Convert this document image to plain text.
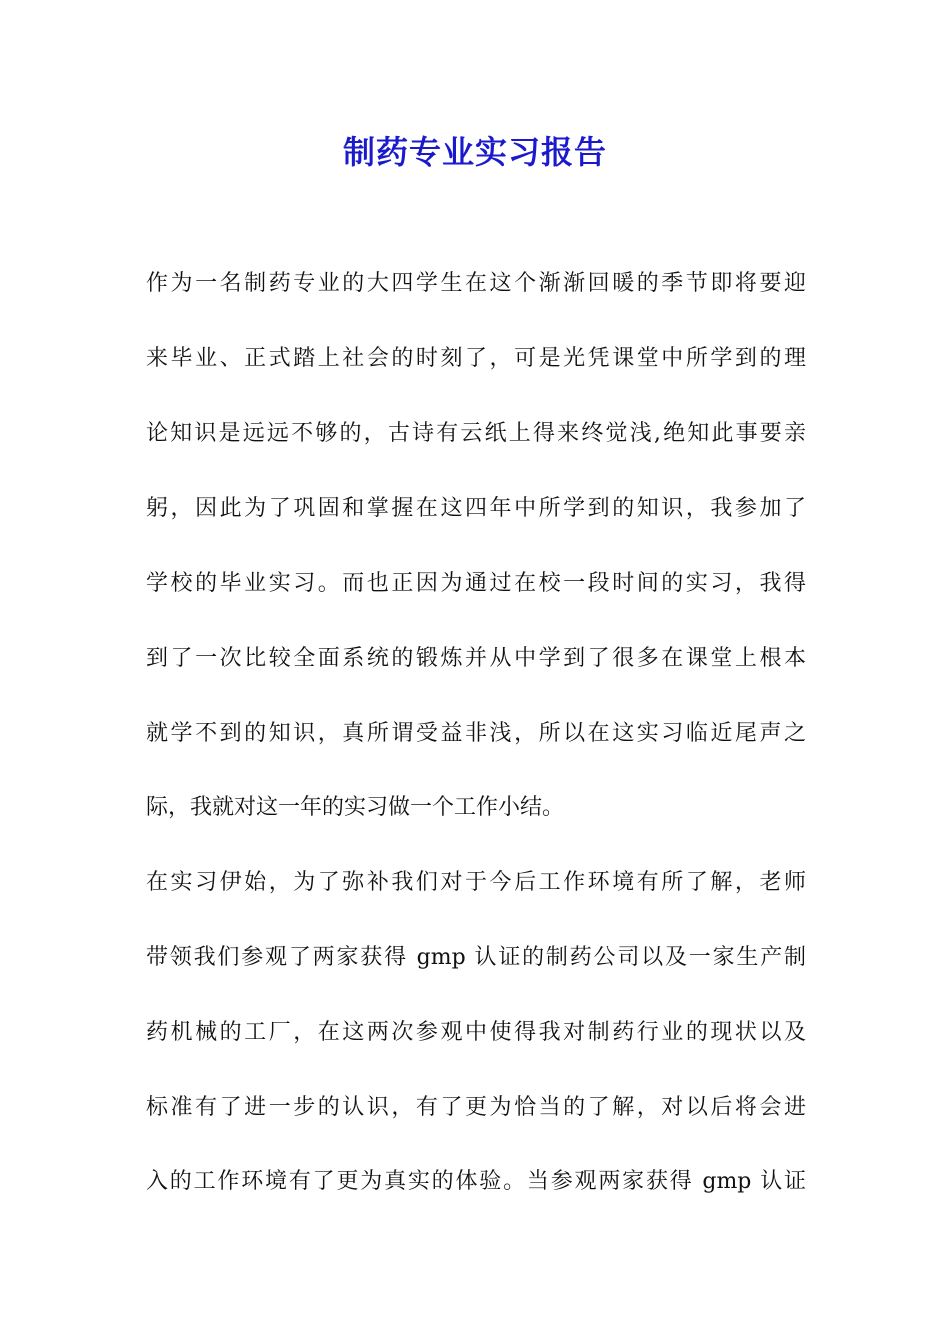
制药专业实习报告
作为一名制药专业的大四学生在这个渐渐回暖的季节即将要迎
来毕业、正式踏上社会的时刻了，可是光凭课堂中所学到的理
论知识是远远不够的，古诗有云纸上得来终觉浅,绝知此事要亲
躬，因此为了巩固和掌握在这四年中所学到的知识，我参加了
学校的毕业实习。而也正因为通过在校一段时间的实习，我得
到了一次比较全面系统的锻炼并从中学到了很多在课堂上根本
就学不到的知识，真所谓受益非浅，所以在这实习临近尾声之
际，我就对这一年的实习做一个工作小结。
在实习伊始，为了弥补我们对于今后工作环境有所了解，老师
带领我们参观了两家获得 gmp 认证的制药公司以及一家生产制
药机械的工厂，在这两次参观中使得我对制药行业的现状以及
标准有了进一步的认识，有了更为恰当的了解，对以后将会进
入的工作环境有了更为真实的体验。当参观两家获得 gmp 认证
